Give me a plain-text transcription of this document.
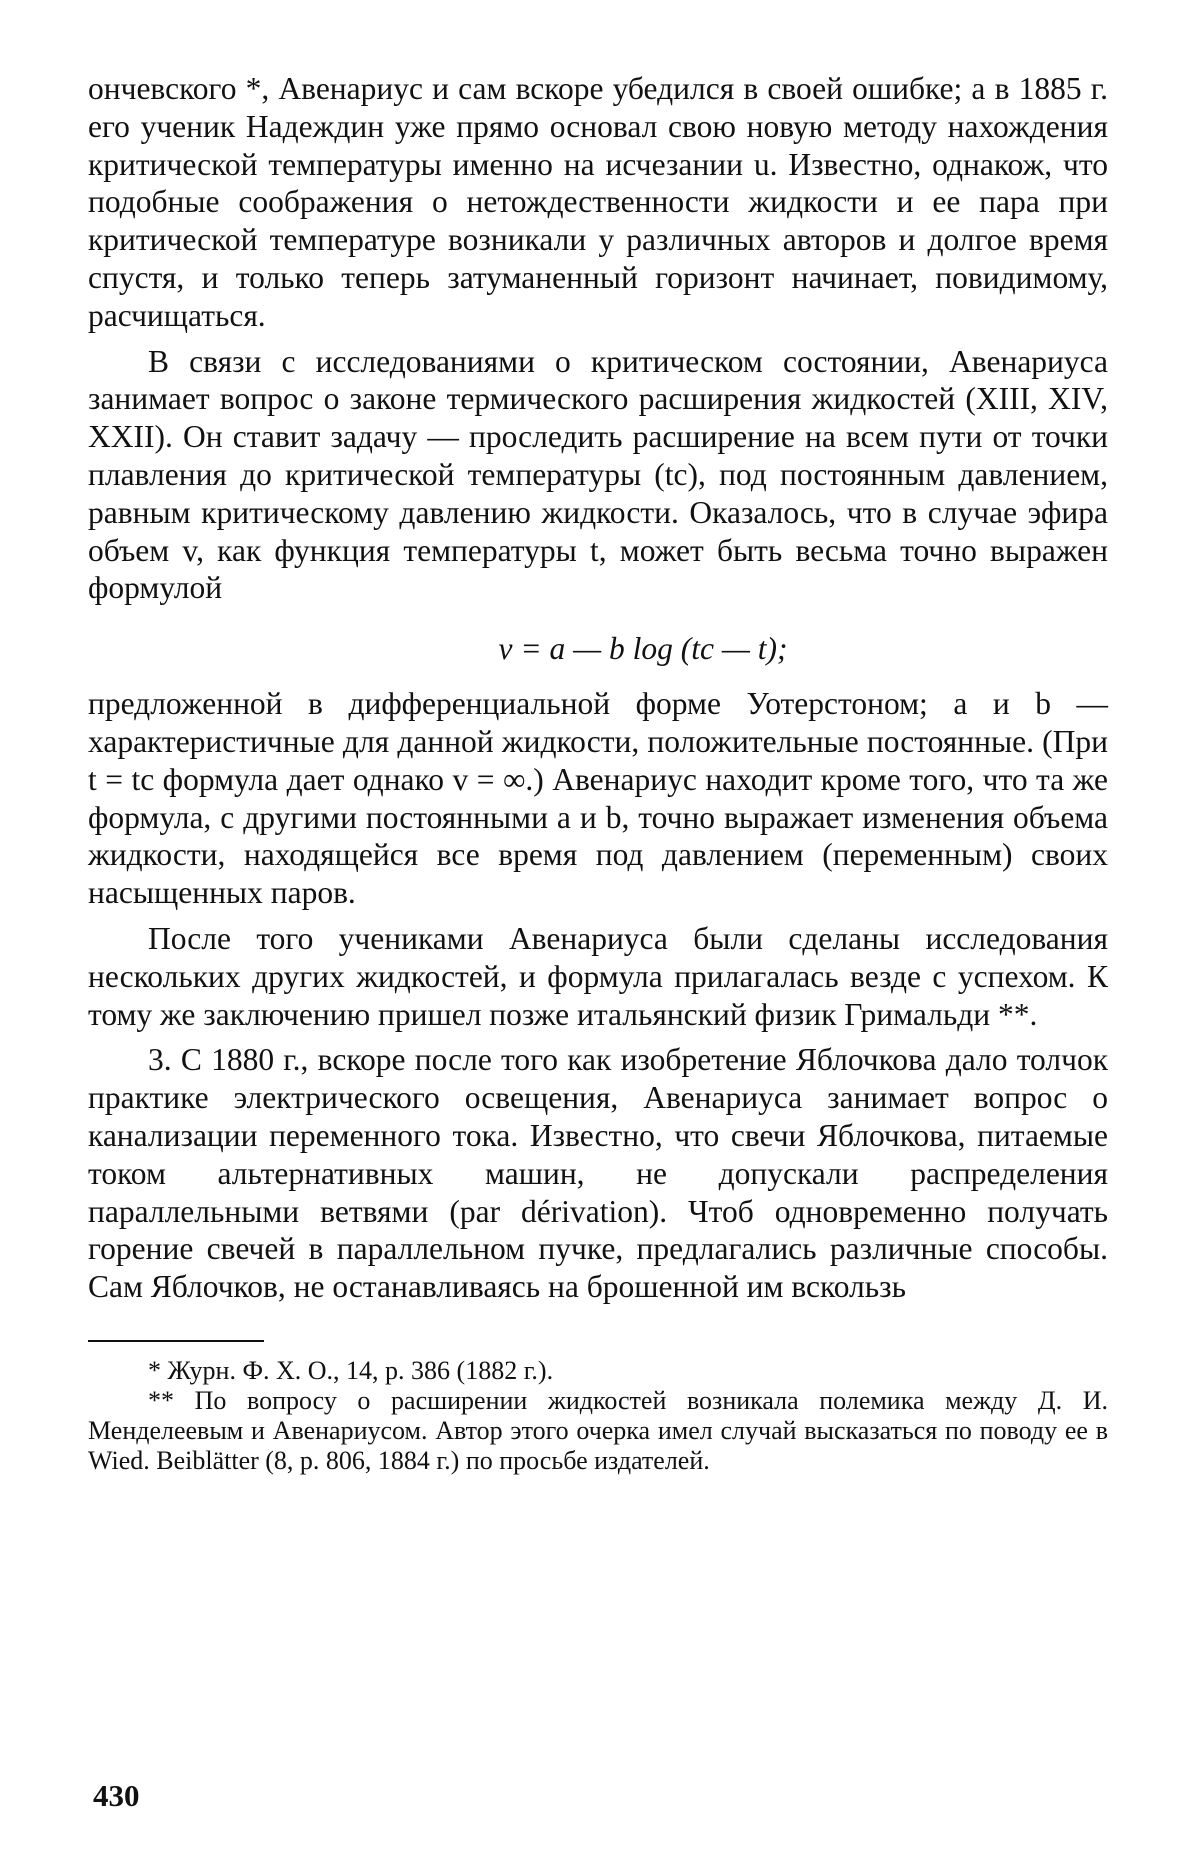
ончевского *, Авенариус и сам вскоре убедился в своей ошибке; а в 1885 г. его ученик Надеждин уже прямо основал свою новую методу нахождения критической температуры именно на исчезании u. Известно, однакож, что подобные соображения о нетождественности жидкости и ее пара при критической температуре возникали у различных авторов и долгое время спустя, и только теперь затуманенный горизонт начинает, повидимому, расчищаться.

В связи с исследованиями о критическом состоянии, Авенариуса занимает вопрос о законе термического расширения жидкостей (XIII, XIV, XXII). Он ставит задачу — проследить расширение на всем пути от точки плавления до критической температуры (tc), под постоянным давлением, равным критическому давлению жидкости. Оказалось, что в случае эфира объем v, как функция температуры t, может быть весьма точно выражен формулой

v = a — b log (tc — t);

предложенной в дифференциальной форме Уотерстоном; a и b — характеристичные для данной жидкости, положительные постоянные. (При t = tc формула дает однако v = ∞.) Авенариус находит кроме того, что та же формула, с другими постоянными a и b, точно выражает изменения объема жидкости, находящейся все время под давлением (переменным) своих насыщенных паров.

После того учениками Авенариуса были сделаны исследования нескольких других жидкостей, и формула прилагалась везде с успехом. К тому же заключению пришел позже итальянский физик Гримальди **.

3. С 1880 г., вскоре после того как изобретение Яблочкова дало толчок практике электрического освещения, Авенариуса занимает вопрос о канализации переменного тока. Известно, что свечи Яблочкова, питаемые током альтернативных машин, не допускали распределения параллельными ветвями (par dérivation). Чтоб одновременно получать горение свечей в параллельном пучке, предлагались различные способы. Сам Яблочков, не останавливаясь на брошенной им вскользь

* Журн. Ф. Х. О., 14, р. 386 (1882 г.).

** По вопросу о расширении жидкостей возникала полемика между Д. И. Менделеевым и Авенариусом. Автор этого очерка имел случай высказаться по поводу ее в Wied. Beiblätter (8, р. 806, 1884 г.) по просьбе издателей.

430
